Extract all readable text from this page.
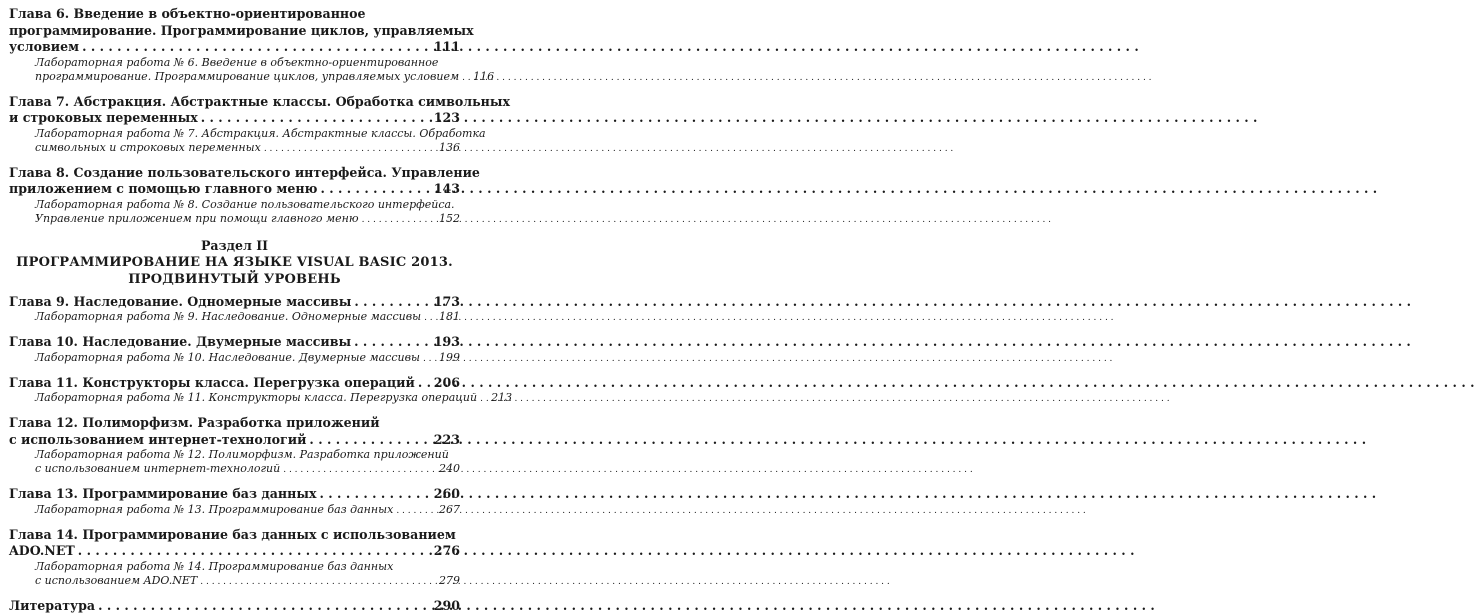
Глава 6. Введение в объектно-ориентированное
программирование. Программирование циклов, управляемых
условием . . .	111
Лабораторная работа № 6. Введение в объектно-ориентированное
программирование. Программирование циклов, управляемых условием . . . 116
Глава 7. Абстракция. Абстрактные классы. Обработка символьных
и строковых переменных . . .	123
Лабораторная работа № 7. Абстракция. Абстрактные классы. Обработка
символьных и строковых переменных . . .	136
Глава 8. Создание пользовательского интерфейса. Управление
приложением с помощью главного меню . . .	143
Лабораторная работа № 8. Создание пользовательского интерфейса.
Управление приложением при помощи главного меню . . .	152
Раздел II
ПРОГРАММИРОВАНИЕ НА ЯЗЫКЕ VISUAL BASIC 2013.
ПРОДВИНУТЫЙ УРОВЕНЬ
Глава 9. Наследование. Одномерные массивы . . .	173
Лабораторная работа № 9. Наследование. Одномерные массивы . . . 181
Глава 10. Наследование. Двумерные массивы . . .	193
Лабораторная работа № 10. Наследование. Двумерные массивы . . . 199
Глава 11. Конструкторы класса. Перегрузка операций . . . 206
Лабораторная работа № 11. Конструкторы класса. Перегрузка операций . . . 213
Глава 12. Полиморфизм. Разработка приложений
с использованием интернет-технологий . . .	223
Лабораторная работа № 12. Полиморфизм. Разработка приложений
с использованием интернет-технологий . . .	240
Глава 13. Программирование баз данных . . .	260
Лабораторная работа № 13. Программирование баз данных . . .	267
Глава 14. Программирование баз данных с использованием
ADO.NET . . .	276
Лабораторная работа № 14. Программирование баз данных
с использованием ADO.NET . . .	279
Литература . . .	290
